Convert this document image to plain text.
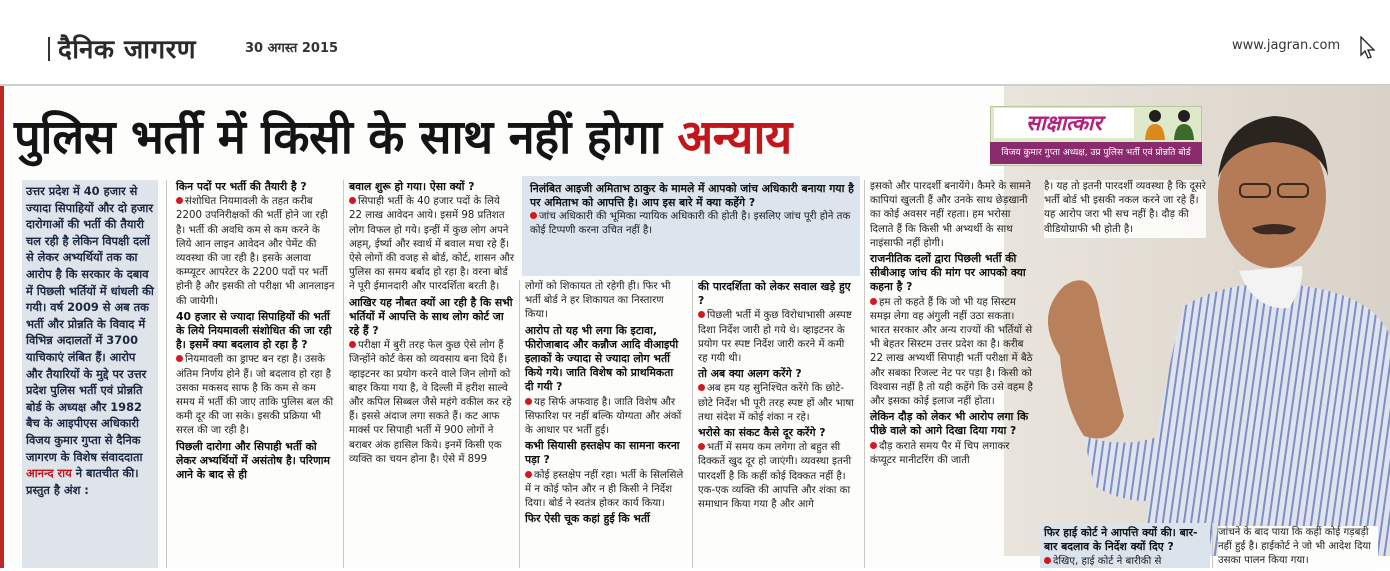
दैनिक जागरण	30 अगस्त 2015	www.jagran.com
पुलिस भर्ती में किसी के साथ नहीं होगा अन्याय	साक्षात्कार
विजय कुमार गुप्ता अध्यक्ष, उप्र पुलिस भर्ती एवं प्रोन्नति बोर्ड

उत्तर प्रदेश में 40 हजार से ज्यादा सिपाहियों और दो हजार दारोगाओं की भर्ती की तैयारी चल रही है लेकिन विपक्षी दलों से लेकर अभ्यर्थियों तक का आरोप है कि सरकार के दबाव में पिछली भर्तियों में धांधली की गयी। वर्ष 2009 से अब तक भर्ती और प्रोन्नति के विवाद में विभिन्न अदालतों में 3700 याचिकाएं लंबित हैं। आरोप और तैयारियों के मुद्दे पर उत्तर प्रदेश पुलिस भर्ती एवं प्रोन्नति बोर्ड के अध्यक्ष और 1982 बैच के आइपीएस अधिकारी विजय कुमार गुप्ता से दैनिक जागरण के विशेष संवाददाता आनन्द राय ने बातचीत की। प्रस्तुत है अंश :

किन पदों पर भर्ती की तैयारी है ?

संशोधित नियमावली के तहत करीब 2200 उपनिरीक्षकों की भर्ती होने जा रही है। भर्ती की अवधि कम से कम करने के लिये आन लाइन आवेदन और पेमेंट की व्यवस्था की जा रही है। इसके अलावा कम्प्यूटर आपरेटर के 2200 पदों पर भर्ती होनी है और इसकी तो परीक्षा भी आनलाइन की जायेगी।

40 हजार से ज्यादा सिपाहियों की भर्ती के लिये नियमावली संशोधित की जा रही है। इसमें क्या बदलाव हो रहा है ?

नियमावली का ड्राफ्ट बन रहा है। उसके अंतिम निर्णय होने हैं। जो बदलाव हो रहा है उसका मकसद साफ है कि कम से कम समय में भर्ती की जाए ताकि पुलिस बल की कमी दूर की जा सके। इसकी प्रक्रिया भी सरल की जा रही है।

पिछली दारोगा और सिपाही भर्ती को लेकर अभ्यर्थियों में असंतोष है। परिणाम आने के बाद से ही

बवाल शुरू हो गया। ऐसा क्यों ?

सिपाही भर्ती के 40 हजार पदों के लिये 22 लाख आवेदन आये। इसमें 98 प्रतिशत लोग विफल हो गये। इन्हीं में कुछ लोग अपने अहम्, ईर्ष्या और स्वार्थ में बवाल मचा रहे हैं। ऐसे लोगों की वजह से बोर्ड, कोर्ट, शासन और पुलिस का समय बर्बाद हो रहा है। वरना बोर्ड ने पूरी ईमानदारी और पारदर्शिता बरती है।

आखिर यह नौबत क्यों आ रही है कि सभी भर्तियों में आपत्ति के साथ लोग कोर्ट जा रहे हैं ?

परीक्षा में बुरी तरह फेल कुछ ऐसे लोग हैं जिन्होंने कोर्ट केस को व्यवसाय बना दिये हैं। व्हाइटनर का प्रयोग करने वाले जिन लोगों को बाहर किया गया है, वे दिल्ली में हरीश साल्वे और कपिल सिब्बल जैसे महंगे वकील कर रहे हैं। इससे अंदाज लगा सकते हैं। कट आफ मार्क्स पर सिपाही भर्ती में 900 लोगों ने बराबर अंक हासिल किये। इनमें किसी एक व्यक्ति का चयन होना है। ऐसे में 899

निलंबित आइजी अमिताभ ठाकुर के मामले में आपको जांच अधिकारी बनाया गया है पर अमिताभ को आपत्ति है। आप इस बारे में क्या कहेंगे ?

जांच अधिकारी की भूमिका न्यायिक अधिकारी की होती है। इसलिए जांच पूरी होने तक कोई टिप्पणी करना उचित नहीं है।

लोगों को शिकायत तो रहेगी ही। फिर भी भर्ती बोर्ड ने हर शिकायत का निस्तारण किया।

आरोप तो यह भी लगा कि इटावा, फीरोजाबाद और कन्नौज आदि वीआइपी इलाकों के ज्यादा से ज्यादा लोग भर्ती किये गये। जाति विशेष को प्राथमिकता दी गयी ?

यह सिर्फ अफवाह है। जाति विशेष और सिफारिश पर नहीं बल्कि योग्यता और अंकों के आधार पर भर्ती हुई।

कभी सियासी हस्तक्षेप का सामना करना पड़ा ?

कोई हस्तक्षेप नहीं रहा। भर्ती के सिलसिले में न कोई फोन और न ही किसी ने निर्देश दिया। बोर्ड ने स्वतंत्र होकर कार्य किया।

फिर ऐसी चूक कहां हुई कि भर्ती

की पारदर्शिता को लेकर सवाल खड़े हुए ?

पिछली भर्ती में कुछ विरोधाभासी अस्पष्ट दिशा निर्देश जारी हो गये थे। व्हाइटनर के प्रयोग पर स्पष्ट निर्देश जारी करने में कमी रह गयी थी।

तो अब क्या अलग करेंगे ?

अब हम यह सुनिश्चित करेंगे कि छोटे-छोटे निर्देश भी पूरी तरह स्पष्ट हों और भाषा तथा संदेश में कोई शंका न रहे।

भरोसे का संकट कैसे दूर करेंगे ?

भर्ती में समय कम लगेगा तो बहुत सी दिक्कतें खुद दूर हो जाएंगी। व्यवस्था इतनी पारदर्शी है कि कहीं कोई दिक्कत नहीं है। एक-एक व्यक्ति की आपत्ति और शंका का समाधान किया गया है और आगे

इसको और पारदर्शी बनायेंगे। कैमरे के सामने कापियां खुलती हैं और उनके साथ छेड़खानी का कोई अवसर नहीं रहता। हम भरोसा दिलाते हैं कि किसी भी अभ्यर्थी के साथ नाइंसाफी नहीं होगी।

राजनीतिक दलों द्वारा पिछली भर्ती की सीबीआइ जांच की मांग पर आपको क्या कहना है ?

हम तो कहते हैं कि जो भी यह सिस्टम समझ लेगा वह अंगुली नहीं उठा सकता। भारत सरकार और अन्य राज्यों की भर्तियों से भी बेहतर सिस्टम उत्तर प्रदेश का है। करीब 22 लाख अभ्यर्थी सिपाही भर्ती परीक्षा में बैठे और सबका रिजल्ट नेट पर पड़ा है। किसी को विश्वास नहीं है तो यही कहेंगे कि उसे वहम है और इसका कोई इलाज नहीं होता।

लेकिन दौड़ को लेकर भी आरोप लगा कि पीछे वाले को आगे दिखा दिया गया ?

दौड़ कराते समय पैर में चिप लगाकर कंप्यूटर मानीटरिंग की जाती

है। यह तो इतनी पारदर्शी व्यवस्था है कि दूसरे भर्ती बोर्ड भी इसकी नकल करने जा रहे हैं। यह आरोप जरा भी सच नहीं है। दौड़ की वीडियोग्राफी भी होती है।

फिर हाई कोर्ट ने आपत्ति क्यों की। बार-बार बदलाव के निर्देश क्यों दिए ?

देखिए, हाई कोर्ट ने बारीकी से

जांचने के बाद पाया कि कहीं कोई गड़बड़ी नहीं हुई है। हाईकोर्ट ने जो भी आदेश दिया उसका पालन किया गया।
